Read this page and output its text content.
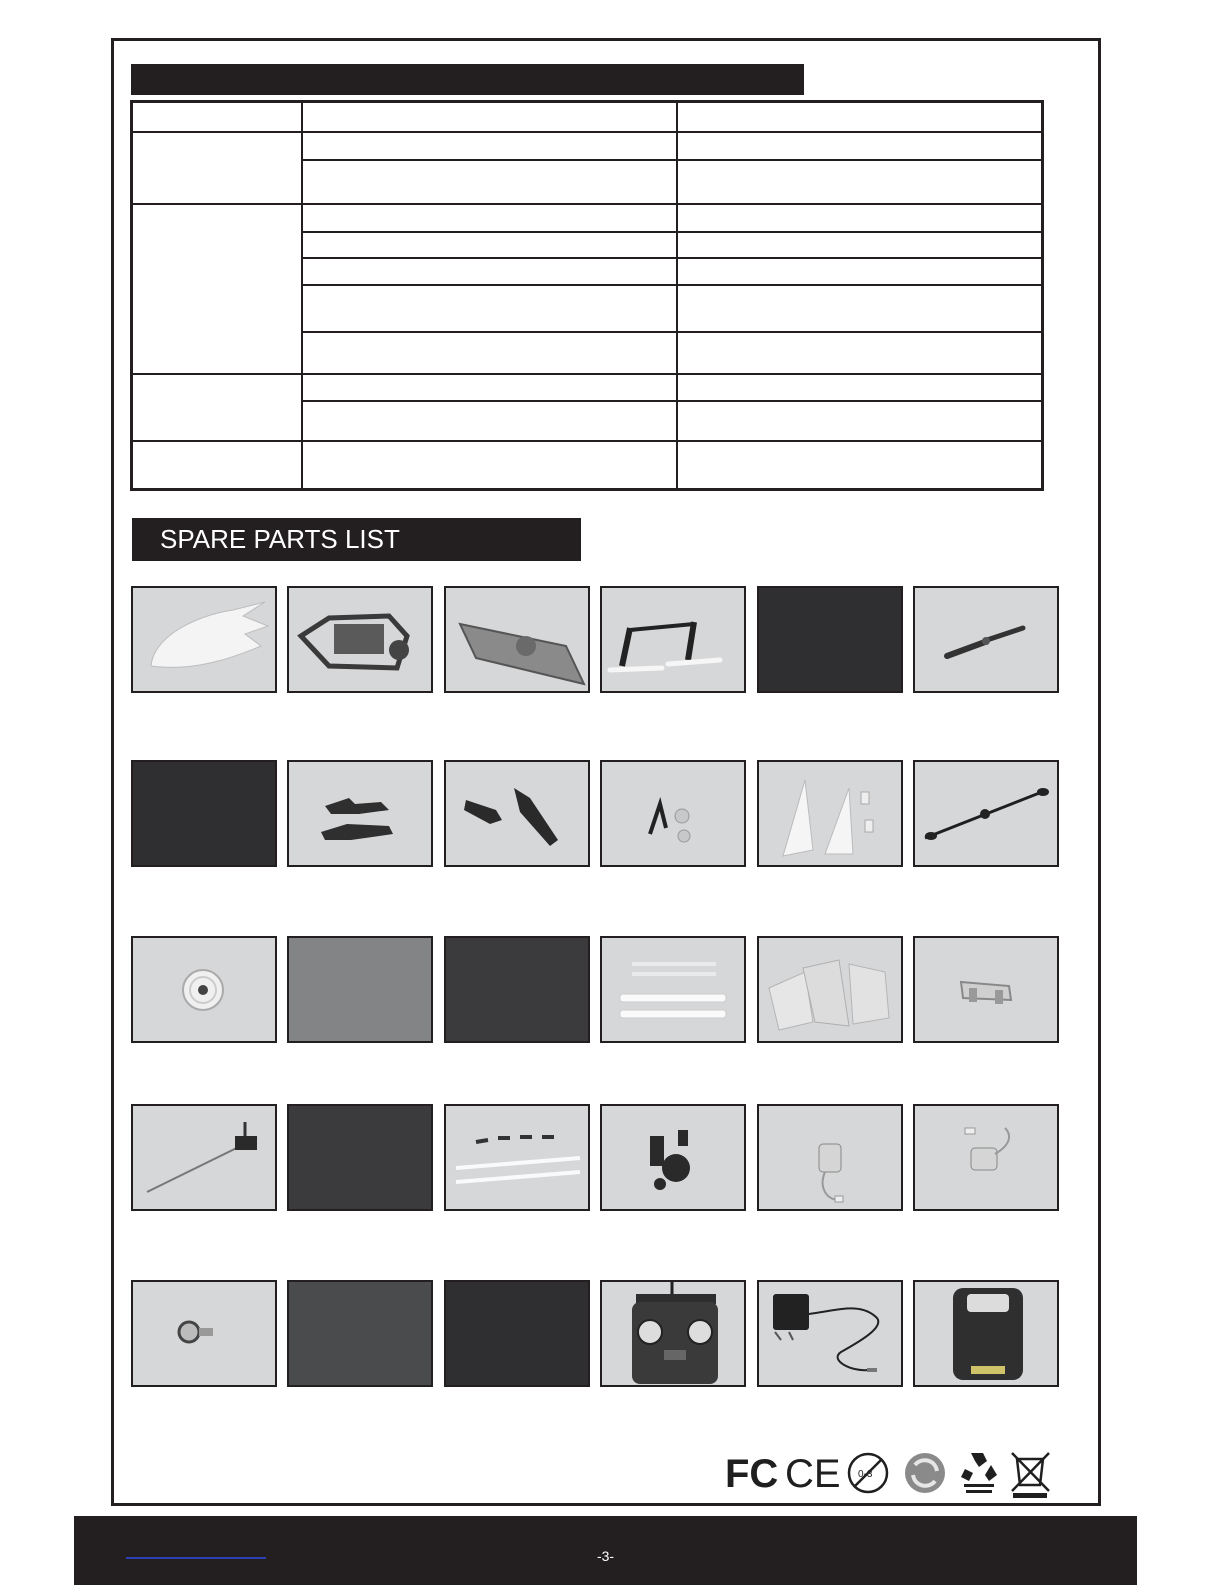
SPARE PARTS LIST
FC CE 0-3
-3-
